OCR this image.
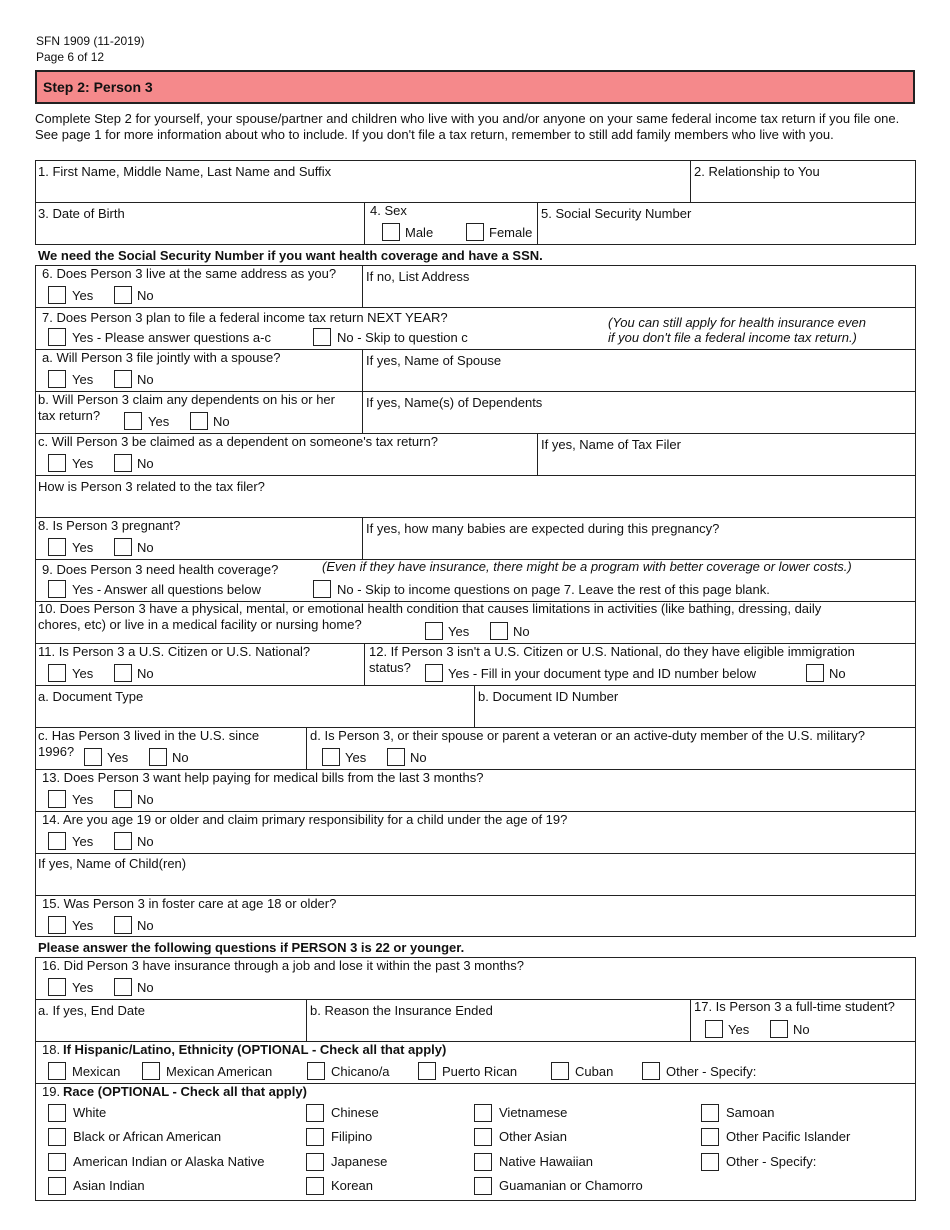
SFN 1909 (11-2019)
Page 6 of 12
Step 2: Person 3
Complete Step 2 for yourself, your spouse/partner and children who live with you and/or anyone on your same federal income tax return if you file one. See page 1 for more information about who to include. If you don't file a tax return, remember to still add family members who live with you.
1. First Name, Middle Name, Last Name and Suffix	2. Relationship to You
3. Date of Birth	4. Sex
Male	Female
5. Social Security Number
We need the Social Security Number if you want health coverage and have a SSN.
6. Does Person 3 live at the same address as you?
Yes	No
If no, List Address
7. Does Person 3 plan to file a federal income tax return NEXT YEAR?
Yes - Please answer questions a-c	No - Skip to question c
(You can still apply for health insurance even
if you don't file a federal income tax return.)
a. Will Person 3 file jointly with a spouse?
Yes	No
If yes, Name of Spouse
b. Will Person 3 claim any dependents on his or her
tax return?	Yes	No
If yes, Name(s) of Dependents
c. Will Person 3 be claimed as a dependent on someone's tax return?
Yes	No
If yes, Name of Tax Filer
How is Person 3 related to the tax filer?
8. Is Person 3 pregnant?
Yes	No
If yes, how many babies are expected during this pregnancy?
9. Does Person 3 need health coverage?	(Even if they have insurance, there might be a program with better coverage or lower costs.)
Yes - Answer all questions below	No - Skip to income questions on page 7. Leave the rest of this page blank.
10. Does Person 3 have a physical, mental, or emotional health condition that causes limitations in activities (like bathing, dressing, daily
chores, etc) or live in a medical facility or nursing home?	Yes	No
11. Is Person 3 a U.S. Citizen or U.S. National?
Yes	No
12. If Person 3 isn't a U.S. Citizen or U.S. National, do they have eligible immigration
status?	Yes - Fill in your document type and ID number below	No
a. Document Type	b. Document ID Number
c. Has Person 3 lived in the U.S. since
1996?	Yes	No
d. Is Person 3, or their spouse or parent a veteran or an active-duty member of the U.S. military?
Yes	No
13. Does Person 3 want help paying for medical bills from the last 3 months?
Yes	No
14. Are you age 19 or older and claim primary responsibility for a child under the age of 19?
Yes	No
If yes, Name of Child(ren)
15. Was Person 3 in foster care at age 18 or older?
Yes	No
Please answer the following questions if PERSON 3 is 22 or younger.
16. Did Person 3 have insurance through a job and lose it within the past 3 months?
Yes	No
a. If yes, End Date	b. Reason the Insurance Ended	17. Is Person 3 a full-time student?
Yes	No
18. If Hispanic/Latino, Ethnicity (OPTIONAL - Check all that apply)
Mexican	Mexican American	Chicano/a	Puerto Rican	Cuban	Other - Specify:
19. Race (OPTIONAL - Check all that apply)
White	Chinese	Vietnamese	Samoan
Black or African American	Filipino	Other Asian	Other Pacific Islander
American Indian or Alaska Native	Japanese	Native Hawaiian	Other - Specify:
Asian Indian	Korean	Guamanian or Chamorro
